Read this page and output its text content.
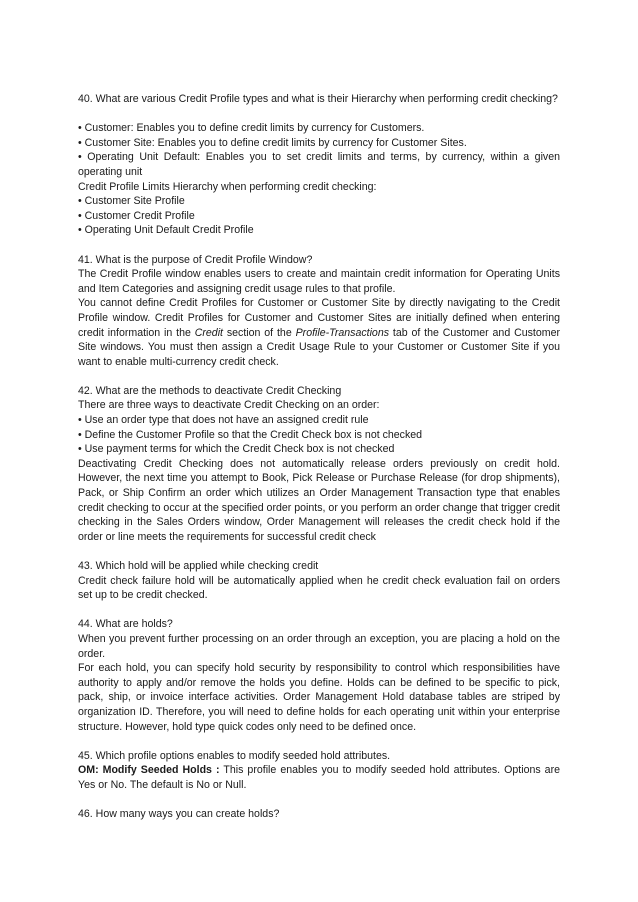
40. What are various Credit Profile types and what is their Hierarchy when performing credit checking?

• Customer: Enables you to define credit limits by currency for Customers.

• Customer Site: Enables you to define credit limits by currency for Customer Sites.

• Operating Unit Default: Enables you to set credit limits and terms, by currency, within a given operating unit

Credit Profile Limits Hierarchy when performing credit checking:

• Customer Site Profile

• Customer Credit Profile

• Operating Unit Default Credit Profile

41. What is the purpose of Credit Profile Window?

The Credit Profile window enables users to create and maintain credit information for Operating Units and Item Categories and assigning credit usage rules to that profile.

You cannot define Credit Profiles for Customer or Customer Site by directly navigating to the Credit Profile window. Credit Profiles for Customer and Customer Sites are initially defined when entering credit information in the Credit section of the Profile-Transactions tab of the Customer and Customer Site windows. You must then assign a Credit Usage Rule to your Customer or Customer Site if you want to enable multi-currency credit check.

42. What are the methods to deactivate Credit Checking

There are three ways to deactivate Credit Checking on an order:

• Use an order type that does not have an assigned credit rule

• Define the Customer Profile so that the Credit Check box is not checked

• Use payment terms for which the Credit Check box is not checked

Deactivating Credit Checking does not automatically release orders previously on credit hold. However, the next time you attempt to Book, Pick Release or Purchase Release (for drop shipments), Pack, or Ship Confirm an order which utilizes an Order Management Transaction type that enables credit checking to occur at the specified order points, or you perform an order change that trigger credit checking in the Sales Orders window, Order Management will releases the credit check hold if the order or line meets the requirements for successful credit check

43. Which hold will be applied while checking credit

Credit check failure hold will be automatically applied when he credit check evaluation fail on orders set up to be credit checked.

44. What are holds?

When you prevent further processing on an order through an exception, you are placing a hold on the order.

For each hold, you can specify hold security by responsibility to control which responsibilities have authority to apply and/or remove the holds you define. Holds can be defined to be specific to pick, pack, ship, or invoice interface activities. Order Management Hold database tables are striped by organization ID. Therefore, you will need to define holds for each operating unit within your enterprise structure. However, hold type quick codes only need to be defined once.

45. Which profile options enables to modify seeded hold attributes.

OM: Modify Seeded Holds : This profile enables you to modify seeded hold attributes. Options are Yes or No. The default is No or Null.

46. How many ways you can create holds?
